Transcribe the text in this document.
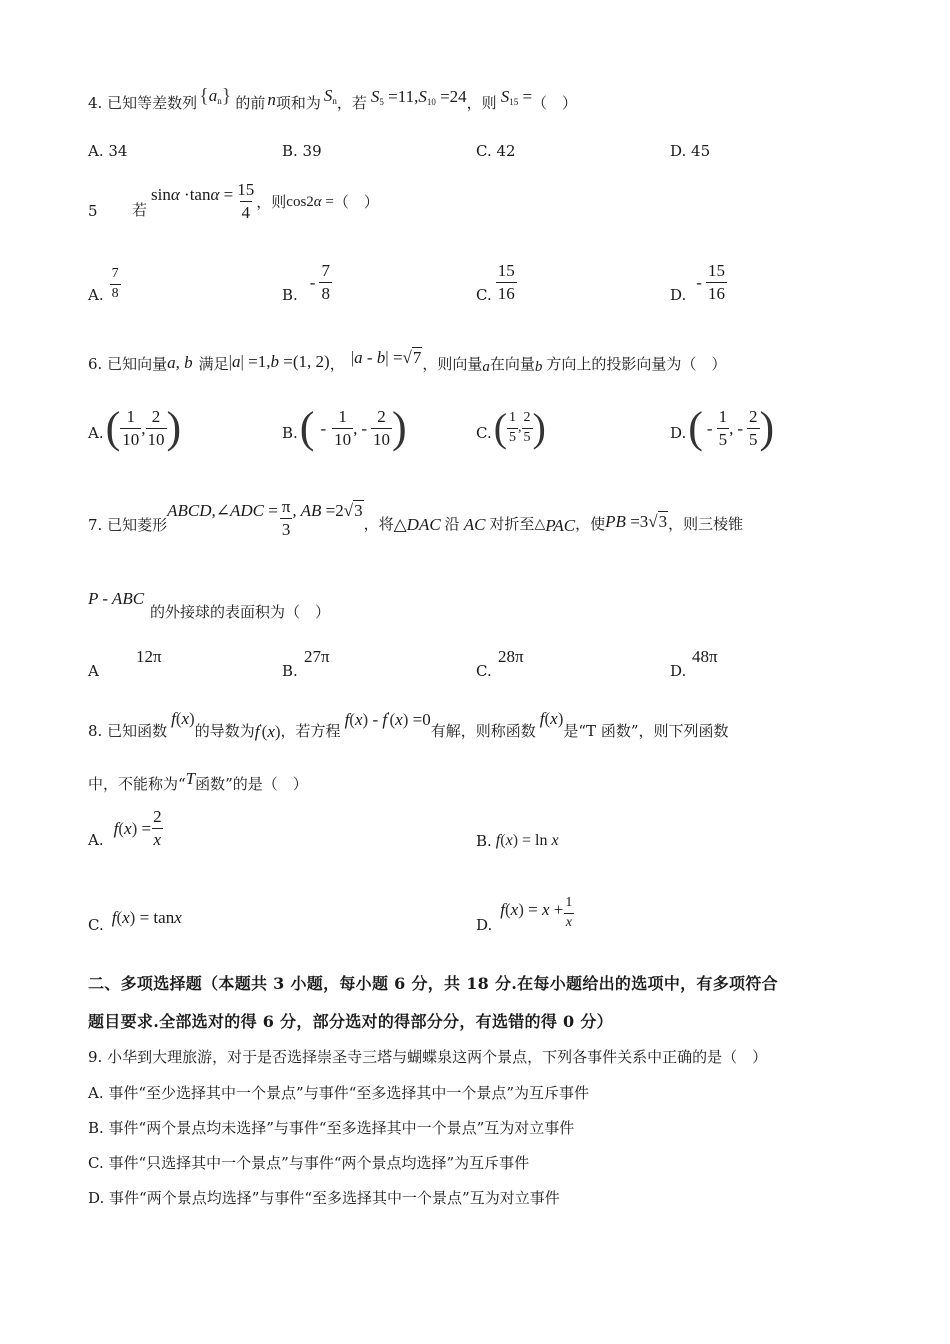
4. 已知等差数列 { $a_n$ } 的前 n 项和为 $S_n$ ，若 $S_5 =11,S_{10} =24$ ，则 $S_{15}$ = （　）
A. 34	B. 39	C. 42	D. 45
5 若
$\sin\alpha \cdot\tan\alpha = \frac{15}{4}$ ，则 cos2α = （　）
A. $\frac{7}{8}$	B.
- $\frac{7}{8}$	C. $\frac{15}{16}$	D.
- $\frac{15}{16}$
6. 已知向量 a, b 满足 |a| =1,b =(1, 2) ， |a - b| =√7 ，则向量 a 在向量 b 方向上的投影向量为（　）
A. ( $\frac{1}{10}$ , $\frac{2}{10}$ )	B. ( - $\frac{1}{10}$ , - $\frac{2}{10}$ )	C. ( $\frac{1}{5}$ , $\frac{2}{5}$ )	D. ( - $\frac{1}{5}$ , - $\frac{2}{5}$ )
7. 已知菱形
ABCD,∠ADC = $\frac{\pi}{3}$ , AB =2√3
，将 △ DAC 沿 AC 对折至 △ PAC ，使 PB =3√3 ，则三棱锥
P - ABC
的外接球的表面积为（　）
A
12π
B.
27π
C.
28π
D.
48π
8. 已知函数
f(x)
的导数为 f′(x) ，若方程
f(x) - f′(x) =0
有解，则称函数
f(x)
是“T 函数”，则下列函数
中，不能称为“ T 函数”的是（　）
A.
$f(x) = \frac{2}{x}$	B. f(x) = ln x
C. f(x) = tanx	D.
$f(x) = x + \frac{1}{x}$
二、多项选择题（本题共 3 小题，每小题 6 分，共 18 分.在每小题给出的选项中，有多项符合
题目要求.全部选对的得 6 分，部分选对的得部分分，有选错的得 0 分）
9. 小华到大理旅游，对于是否选择崇圣寺三塔与蝴蝶泉这两个景点，下列各事件关系中正确的是（　）
A. 事件“至少选择其中一个景点”与事件“至多选择其中一个景点”为互斥事件
B. 事件“两个景点均未选择”与事件“至多选择其中一个景点”互为对立事件
C. 事件“只选择其中一个景点”与事件“两个景点均选择”为互斥事件
D. 事件“两个景点均选择”与事件“至多选择其中一个景点”互为对立事件
